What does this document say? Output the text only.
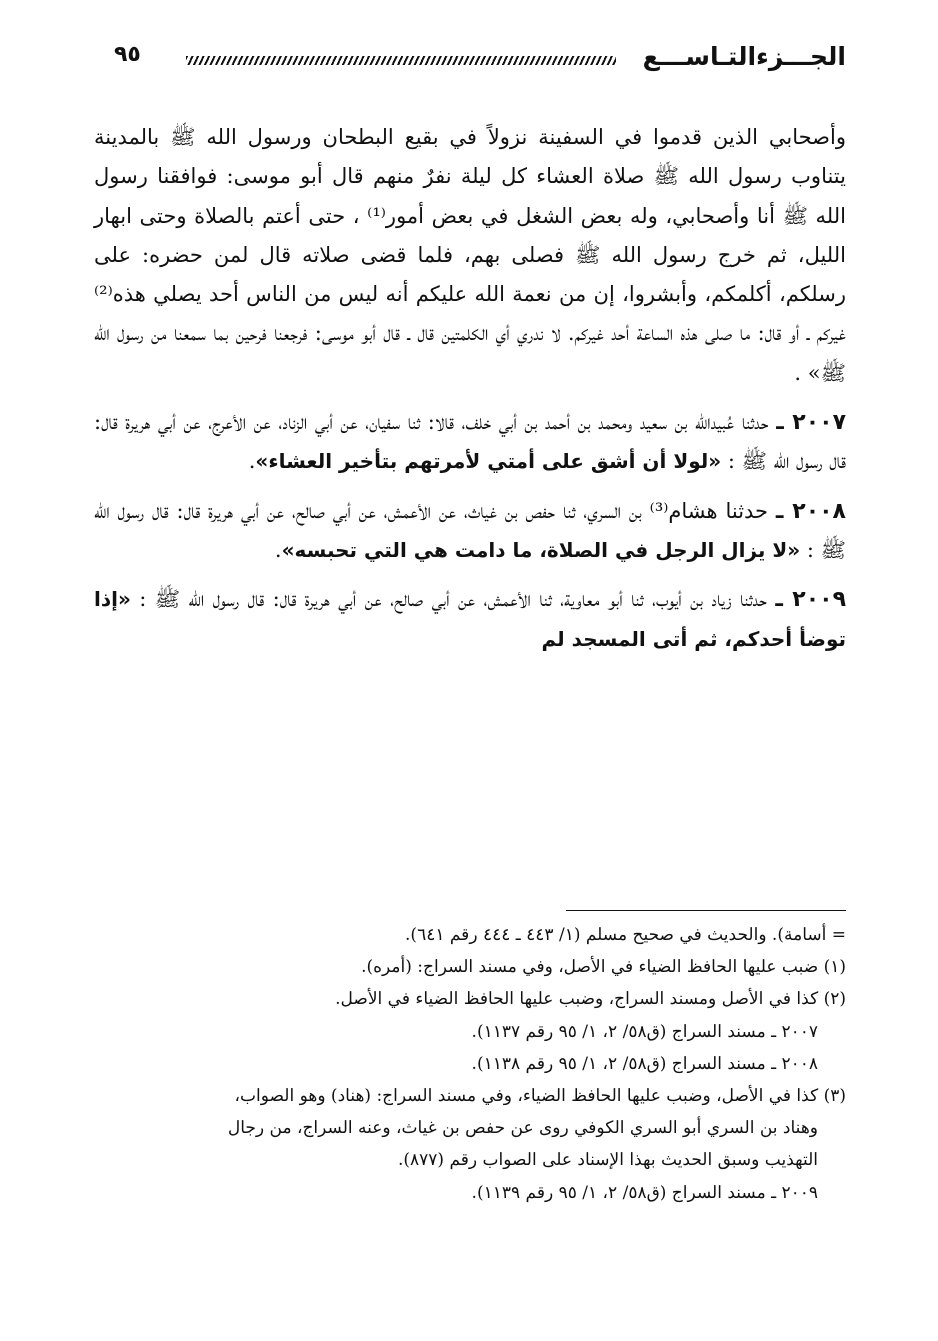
الجـــزءالتـاســـع
٩٥

وأصحابي الذين قدموا في السفينة نزولاً في بقيع البطحان ورسول الله ﷺ بالمدينة يتناوب رسول الله ﷺ صلاة العشاء كل ليلة نفرٌ منهم قال أبو موسى: فوافقنا رسول الله ﷺ أنا وأصحابي، وله بعض الشغل في بعض أمور⁽¹⁾ ، حتى أعتم بالصلاة وحتى ابهار الليل، ثم خرج رسول الله ﷺ فصلى بهم، فلما قضى صلاته قال لمن حضره: على رسلكم، أكلمكم، وأبشروا، إن من نعمة الله عليكم أنه ليس من الناس أحد يصلي هذه⁽²⁾ غيركم ـ أو قال: ما صلى هذه الساعة أحد غيركم. لا ندري أي الكلمتين قال ـ قال أبو موسى: فرجعنا فرحين بما سمعنا من رسول الله ﷺ» .

٢٠٠٧ ـ حدثنا عُبيدالله بن سعيد ومحمد بن أحمد بن أبي خلف، قالا: ثنا سفيان، عن أبي الزناد، عن الأعرج، عن أبي هريرة قال: قال رسول الله ﷺ : «لولا أن أشق على أمتي لأمرتهم بتأخير العشاء».

٢٠٠٨ ـ حدثنا هشام⁽³⁾ بن السري، ثنا حفص بن غياث، عن الأعمش، عن أبي صالح، عن أبي هريرة قال: قال رسول الله ﷺ : «لا يزال الرجل في الصلاة، ما دامت هي التي تحبسه».

٢٠٠٩ ـ حدثنا زياد بن أيوب، ثنا أبو معاوية، ثنا الأعمش، عن أبي صالح، عن أبي هريرة قال: قال رسول الله ﷺ : «إذا توضأ أحدكم، ثم أتى المسجد لم

= أسامة). والحديث في صحيح مسلم (١/ ٤٤٣ ـ ٤٤٤ رقم ٦٤١).

(١) ضبب عليها الحافظ الضياء في الأصل، وفي مسند السراج: (أمره).

(٢) كذا في الأصل ومسند السراج، وضبب عليها الحافظ الضياء في الأصل.

٢٠٠٧ ـ مسند السراج (ق٥٨/ ٢، ١/ ٩٥ رقم ١١٣٧).

٢٠٠٨ ـ مسند السراج (ق٥٨/ ٢، ١/ ٩٥ رقم ١١٣٨).

(٣) كذا في الأصل، وضبب عليها الحافظ الضياء، وفي مسند السراج: (هناد) وهو الصواب،

وهناد بن السري أبو السري الكوفي روى عن حفص بن غياث، وعنه السراج، من رجال

التهذيب وسبق الحديث بهذا الإسناد على الصواب رقم (٨٧٧).

٢٠٠٩ ـ مسند السراج (ق٥٨/ ٢، ١/ ٩٥ رقم ١١٣٩).
